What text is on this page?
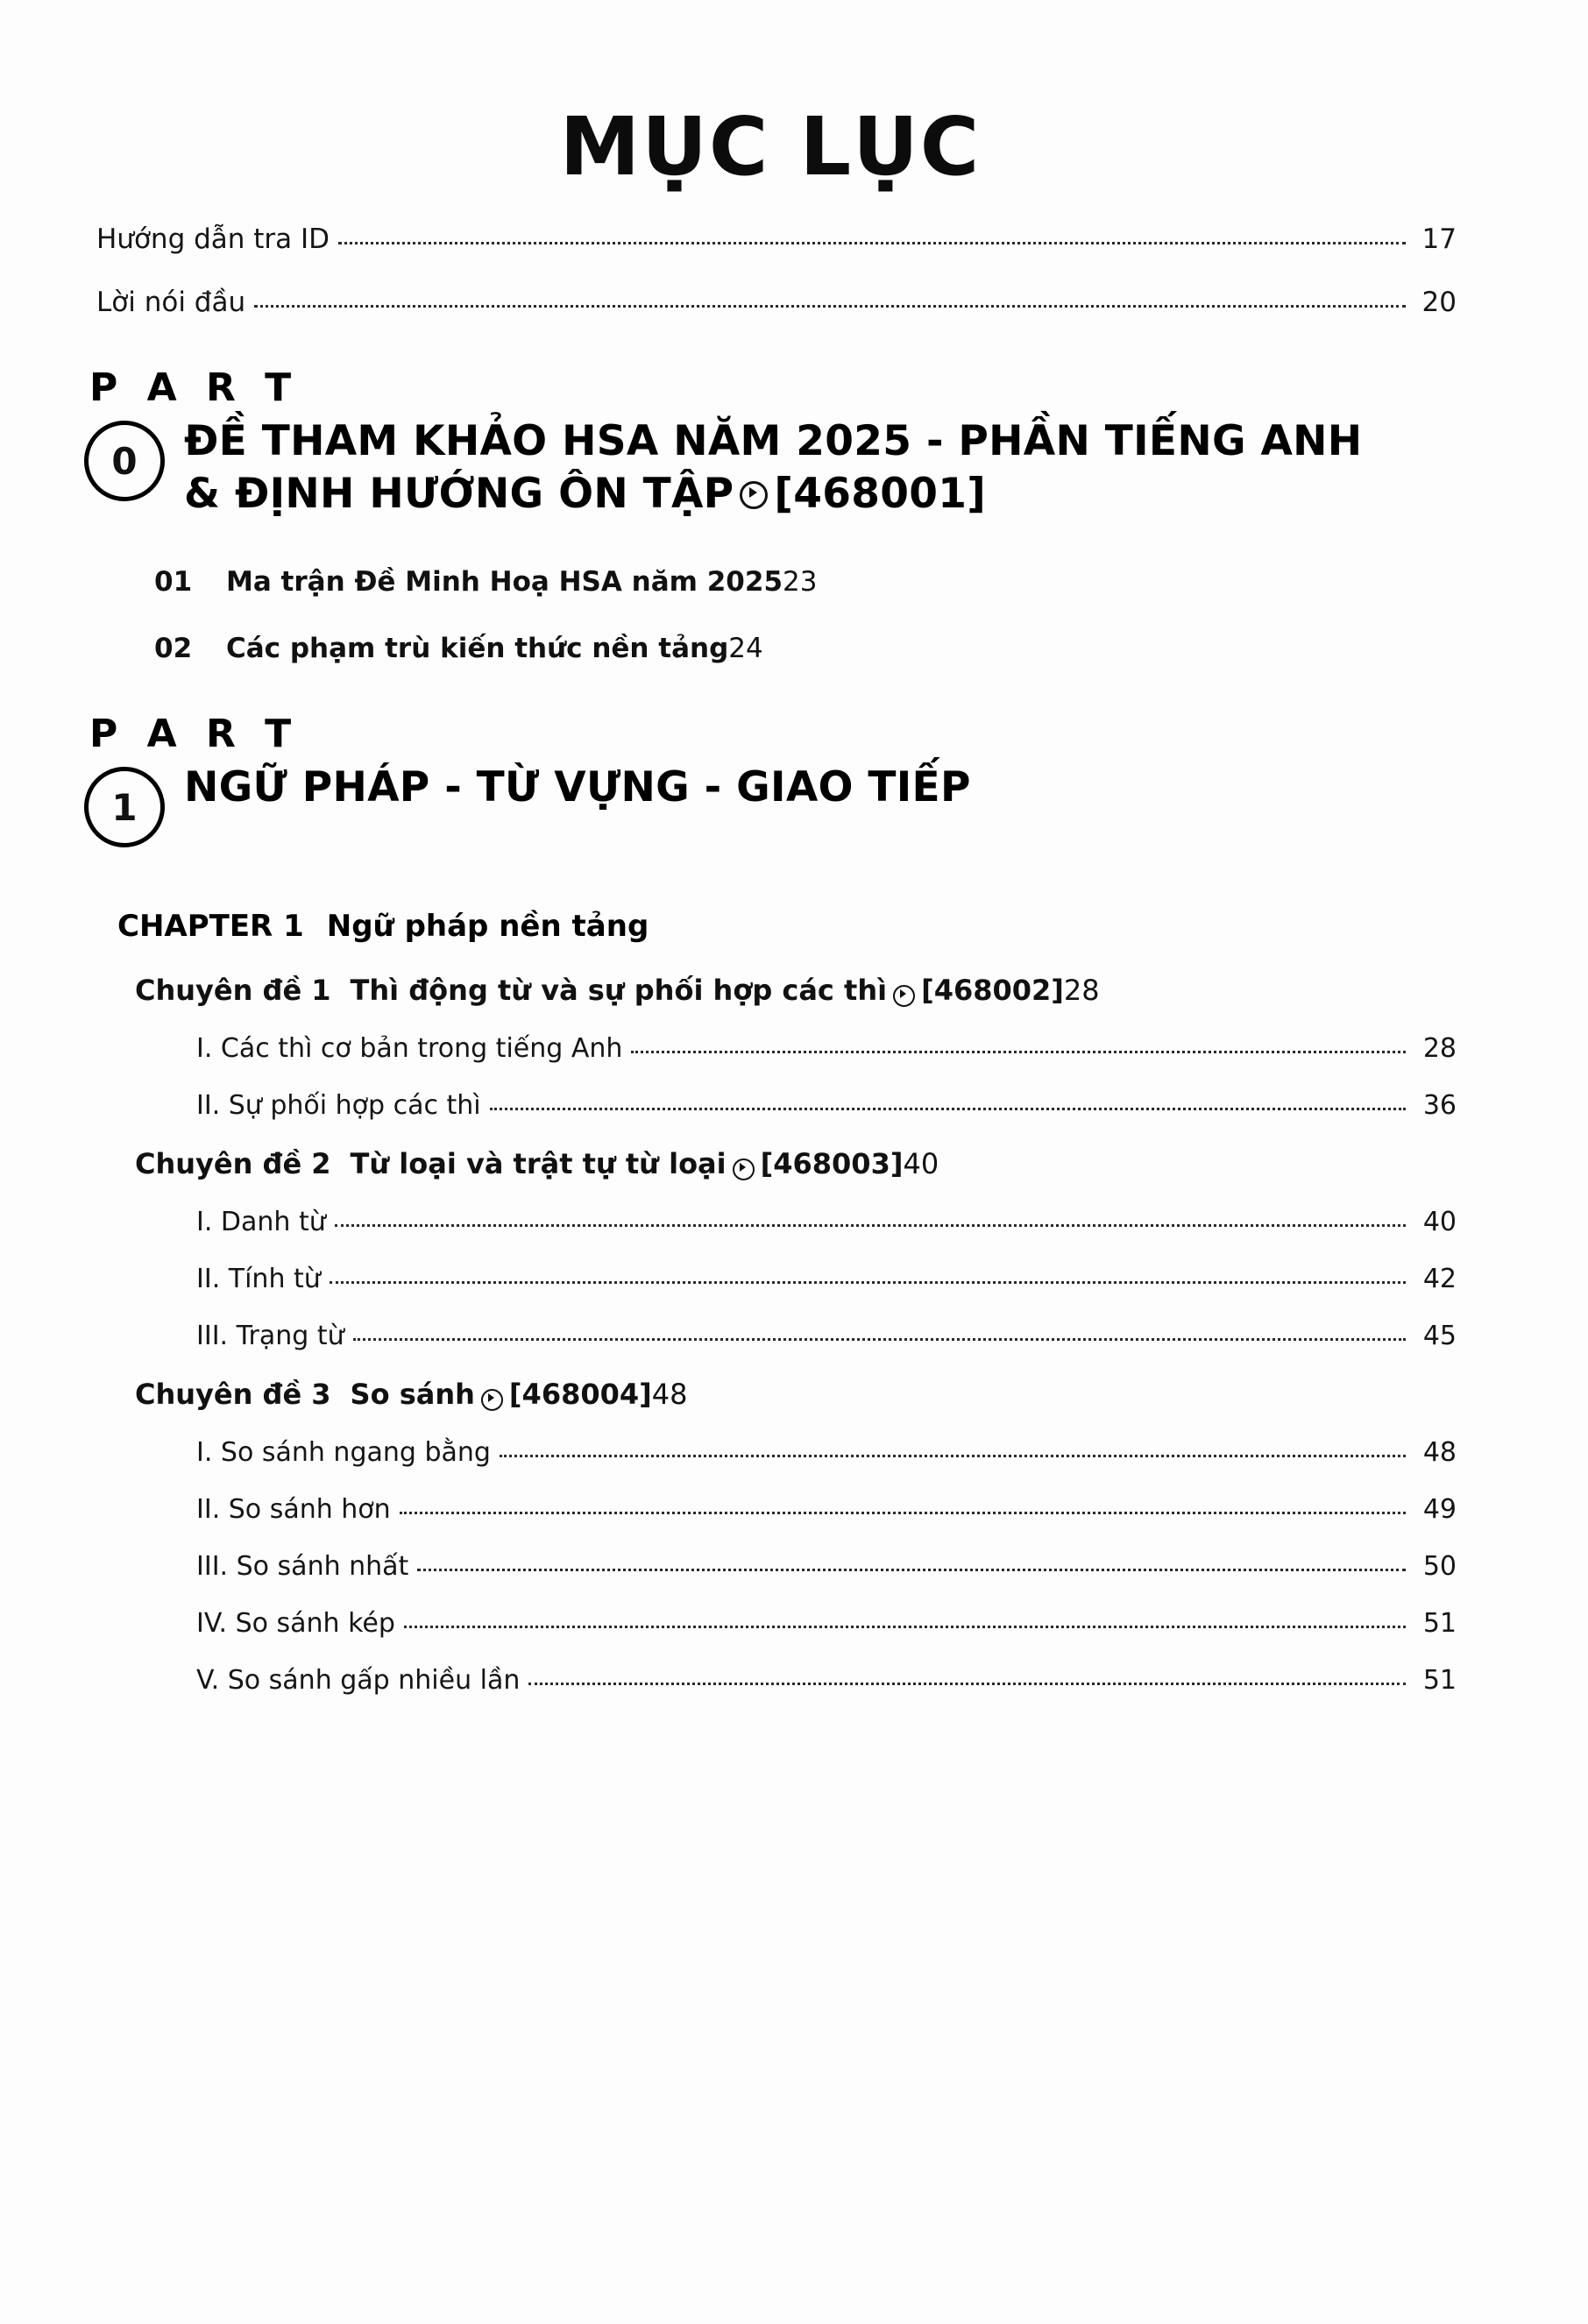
MỤC LỤC
Hướng dẫn tra ID	17
Lời nói đầu	20
P A R T
0	ĐỀ THAM KHẢO HSA NĂM 2025 - PHẦN TIẾNG ANH
& ĐỊNH HƯỚNG ÔN TẬP [468001]
01	Ma trận Đề Minh Hoạ HSA năm 2025 23
02	Các phạm trù kiến thức nền tảng 24
P A R T
1	NGỮ PHÁP - TỪ VỰNG - GIAO TIẾP
CHAPTER 1 Ngữ pháp nền tảng
Chuyên đề 1 Thì động từ và sự phối hợp các thì [468002] 28
I. Các thì cơ bản trong tiếng Anh	28
II. Sự phối hợp các thì	36
Chuyên đề 2 Từ loại và trật tự từ loại [468003] 40
I. Danh từ	40
II. Tính từ	42
III. Trạng từ	45
Chuyên đề 3 So sánh [468004] 48
I. So sánh ngang bằng	48
II. So sánh hơn	49
III. So sánh nhất	50
IV. So sánh kép	51
V. So sánh gấp nhiều lần	51
